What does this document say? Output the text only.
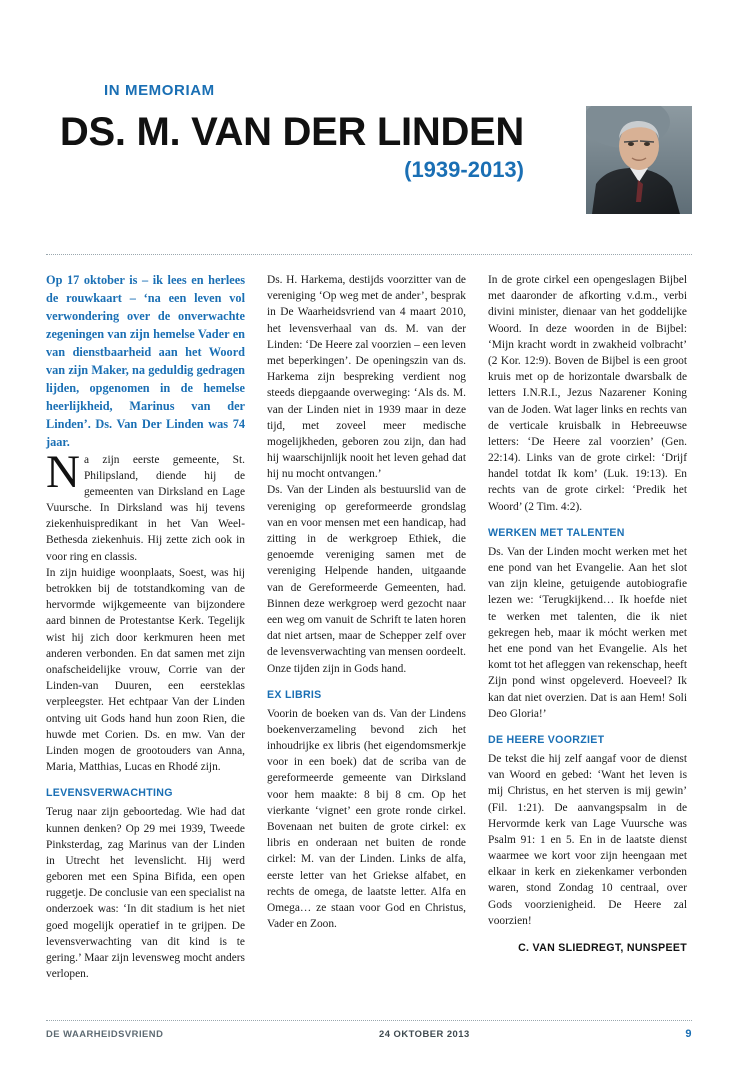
IN MEMORIAM
DS. M. VAN DER LINDEN
(1939-2013)

Op 17 oktober is – ik lees en herlees de rouwkaart – ‘na een leven vol verwondering over de onverwachte zegeningen van zijn hemelse Vader en van dienstbaarheid aan het Woord van zijn Maker, na geduldig gedragen lijden, opgenomen in de hemelse heerlijkheid, Marinus van der Linden’. Ds. Van Der Linden was 74 jaar.

Na zijn eerste gemeente, St. Philipsland, diende hij de gemeenten van Dirksland en Lage Vuursche. In Dirksland was hij tevens ziekenhuispredikant in het Van Weel-Bethesda ziekenhuis. Hij zette zich ook in voor ring en classis.

In zijn huidige woonplaats, Soest, was hij betrokken bij de totstandkoming van de hervormde wijkgemeente van bijzondere aard binnen de Protestantse Kerk. Tegelijk wist hij zich door kerkmuren heen met anderen verbonden. En dat samen met zijn onafscheidelijke vrouw, Corrie van der Linden-van Duuren, een eersteklas verpleegster. Het echtpaar Van der Linden ontving uit Gods hand hun zoon Rien, die huwde met Corien. Ds. en mw. Van der Linden mogen de grootouders van Anna, Maria, Matthias, Lucas en Rhodé zijn.

LEVENSVERWACHTING

Terug naar zijn geboortedag. Wie had dat kunnen denken? Op 29 mei 1939, Tweede Pinksterdag, zag Marinus van der Linden in Utrecht het levenslicht. Hij werd geboren met een Spina Bifida, een open ruggetje. De conclusie van een specialist na onderzoek was: ‘In dit stadium is het niet goed mogelijk operatief in te grijpen. De levensverwachting van dit kind is te gering.’ Maar zijn levensweg mocht anders verlopen.

Ds. H. Harkema, destijds voorzitter van de vereniging ‘Op weg met de ander’, besprak in De Waarheidsvriend van 4 maart 2010, het levensverhaal van ds. M. van der Linden: ‘De Heere zal voorzien – een leven met beperkingen’. De openingszin van ds. Harkema zijn bespreking verdient nog steeds diepgaande overweging: ‘Als ds. M. van der Linden niet in 1939 maar in deze tijd, met zoveel meer medische mogelijkheden, geboren zou zijn, dan had hij waarschijnlijk nooit het leven gehad dat hij nu mocht ontvangen.’

Ds. Van der Linden als bestuurslid van de vereniging op gereformeerde grondslag van en voor mensen met een handicap, had zitting in de werkgroep Ethiek, die genoemde vereniging samen met de vereniging Helpende handen, uitgaande van de Gereformeerde Gemeenten, had. Binnen deze werkgroep werd gezocht naar een weg om vanuit de Schrift te laten horen dat niet artsen, maar de Schepper zelf over de levensverwachting van mensen oordeelt. Onze tijden zijn in Gods hand.

EX LIBRIS

Voorin de boeken van ds. Van der Lindens boekenverzameling bevond zich het inhoudrijke ex libris (het eigendomsmerkje voor in een boek) dat de scriba van de gereformeerde gemeente van Dirksland voor hem maakte: 8 bij 8 cm. Op het vierkante ‘vignet’ een grote ronde cirkel. Bovenaan net buiten de grote cirkel: ex libris en onderaan net buiten de ronde cirkel: M. van der Linden. Links de alfa, eerste letter van het Griekse alfabet, en rechts de omega, de laatste letter. Alfa en Omega… ze staan voor God en Christus, Vader en Zoon.

In de grote cirkel een opengeslagen Bijbel met daaronder de afkorting v.d.m., verbi divini minister, dienaar van het goddelijke Woord. In deze woorden in de Bijbel: ‘Mijn kracht wordt in zwakheid volbracht’ (2 Kor. 12:9). Boven de Bijbel is een groot kruis met op de horizontale dwarsbalk de letters I.N.R.I., Jezus Nazarener Koning van de Joden. Wat lager links en rechts van de verticale kruisbalk in Hebreeuwse letters: ‘De Heere zal voorzien’ (Gen. 22:14). Links van de grote cirkel: ‘Drijf handel totdat Ik kom’ (Luk. 19:13). En rechts van de grote cirkel: ‘Predik het Woord’ (2 Tim. 4:2).

WERKEN MET TALENTEN

Ds. Van der Linden mocht werken met het ene pond van het Evangelie. Aan het slot van zijn kleine, getuigende autobiografie lezen we: ‘Terugkijkend… Ik hoefde niet te werken met talenten, die ik niet gekregen heb, maar ik mócht werken met het ene pond van het Evangelie. Als het komt tot het afleggen van rekenschap, heeft Zijn pond winst opgeleverd. Hoeveel? Ik kan dat niet overzien. Dat is aan Hem! Soli Deo Gloria!’

DE HEERE VOORZIET

De tekst die hij zelf aangaf voor de dienst van Woord en gebed: ‘Want het leven is mij Christus, en het sterven is mij gewin’ (Fil. 1:21). De aanvangspsalm in de Hervormde kerk van Lage Vuursche was Psalm 91: 1 en 5. En in de laatste dienst waarmee we kort voor zijn heengaan met elkaar in kerk en ziekenkamer verbonden waren, stond Zondag 10 centraal, over Gods voorzienigheid. De Heere zal voorzien!

C. VAN SLIEDREGT, NUNSPEET
DE WAARHEIDSVRIEND	24 OKTOBER 2013	9
